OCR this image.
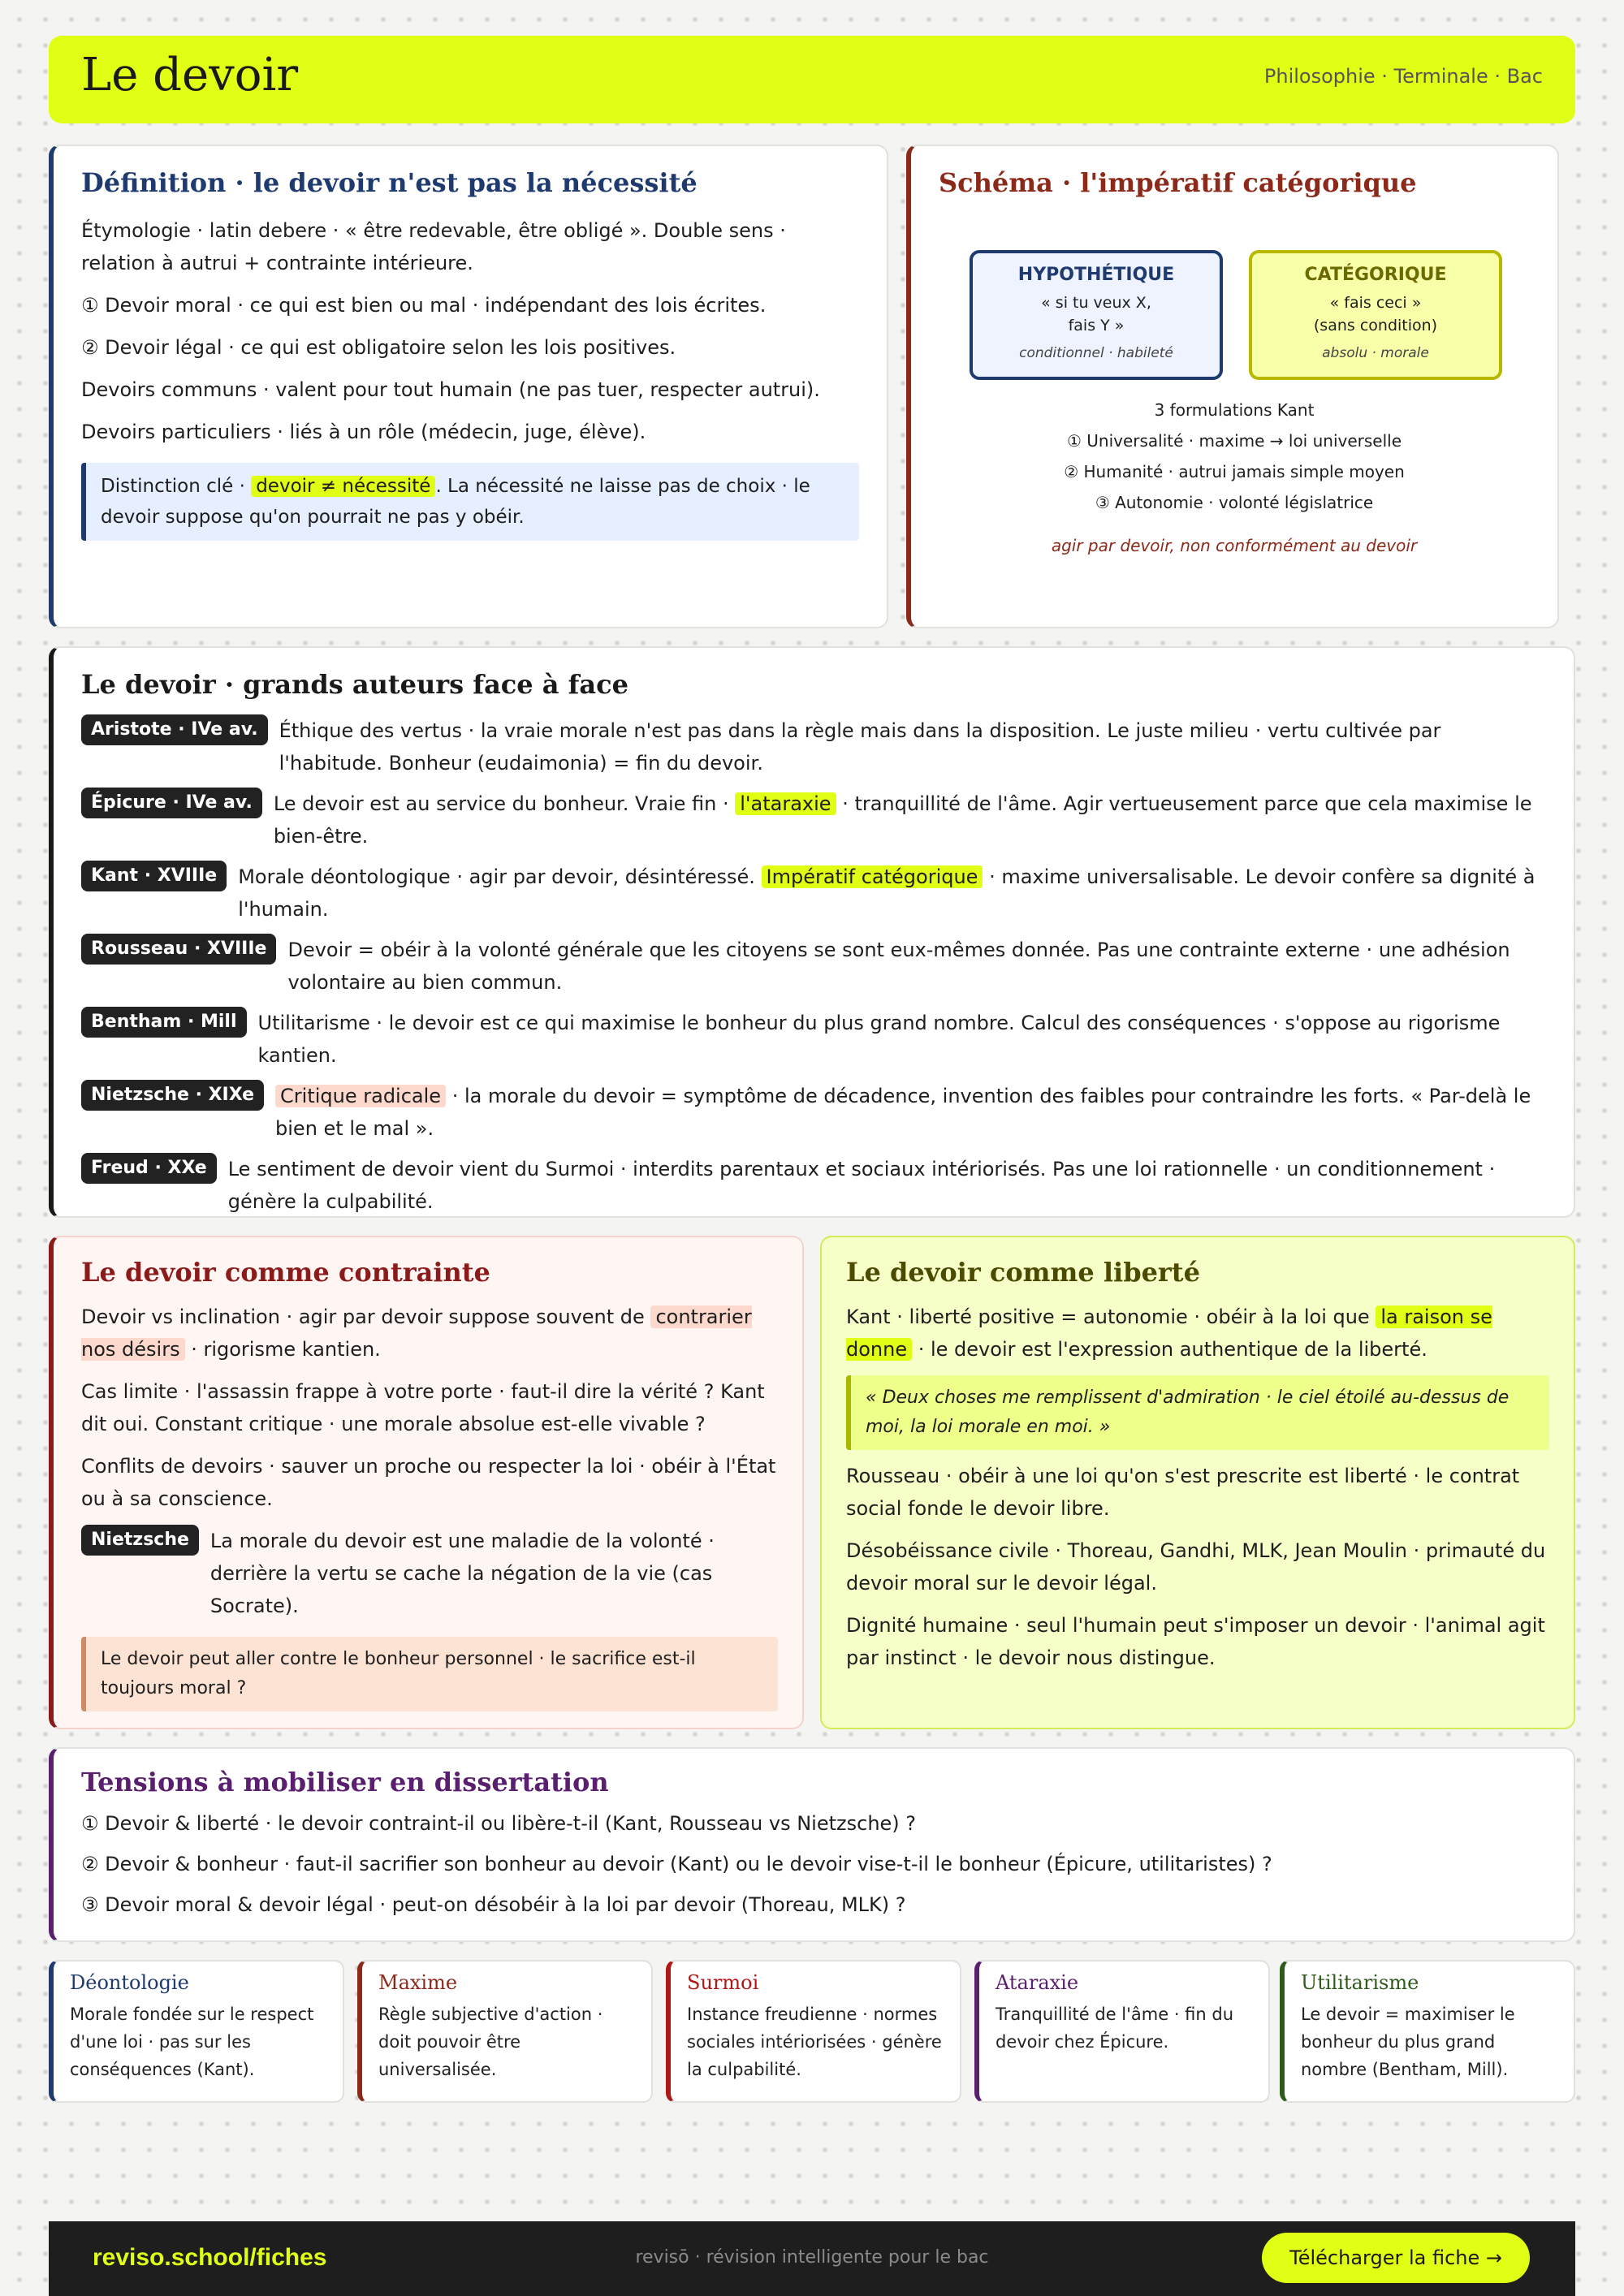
Le devoir	Philosophie · Terminale · Bac
Définition · le devoir n'est pas la nécessité

Étymologie · latin debere · « être redevable, être obligé ». Double sens · relation à autrui + contrainte intérieure.

① Devoir moral · ce qui est bien ou mal · indépendant des lois écrites.

② Devoir légal · ce qui est obligatoire selon les lois positives.

Devoirs communs · valent pour tout humain (ne pas tuer, respecter autrui).

Devoirs particuliers · liés à un rôle (médecin, juge, élève).

Distinction clé · devoir ≠ nécessité . La nécessité ne laisse pas de choix · le devoir suppose qu'on pourrait ne pas y obéir.
Schéma · l'impératif catégorique
HYPOTHÉTIQUE
« si tu veux X,
fais Y »
conditionnel · habileté
CATÉGORIQUE
« fais ceci »
(sans condition)
absolu · morale
3 formulations Kant
① Universalité · maxime → loi universelle
② Humanité · autrui jamais simple moyen
③ Autonomie · volonté législatrice
agir par devoir, non conformément au devoir
Le devoir · grands auteurs face à face
Aristote · IVe av.	Éthique des vertus · la vraie morale n'est pas dans la règle mais dans la disposition. Le juste milieu · vertu cultivée par l'habitude. Bonheur (eudaimonia) = fin du devoir.
Épicure · IVe av.	Le devoir est au service du bonheur. Vraie fin · l'ataraxie · tranquillité de l'âme. Agir vertueusement parce que cela maximise le bien-être.
Kant · XVIIIe	Morale déontologique · agir par devoir, désintéressé. Impératif catégorique · maxime universalisable. Le devoir confère sa dignité à l'humain.
Rousseau · XVIIIe	Devoir = obéir à la volonté générale que les citoyens se sont eux-mêmes donnée. Pas une contrainte externe · une adhésion volontaire au bien commun.
Bentham · Mill	Utilitarisme · le devoir est ce qui maximise le bonheur du plus grand nombre. Calcul des conséquences · s'oppose au rigorisme kantien.
Nietzsche · XIXe	Critique radicale · la morale du devoir = symptôme de décadence, invention des faibles pour contraindre les forts. « Par-delà le bien et le mal ».
Freud · XXe	Le sentiment de devoir vient du Surmoi · interdits parentaux et sociaux intériorisés. Pas une loi rationnelle · un conditionnement · génère la culpabilité.
Le devoir comme contrainte

Devoir vs inclination · agir par devoir suppose souvent de contrarier nos désirs · rigorisme kantien.

Cas limite · l'assassin frappe à votre porte · faut-il dire la vérité ? Kant dit oui. Constant critique · une morale absolue est-elle vivable ?

Conflits de devoirs · sauver un proche ou respecter la loi · obéir à l'État ou à sa conscience.

Nietzsche	La morale du devoir est une maladie de la volonté · derrière la vertu se cache la négation de la vie (cas Socrate).
Le devoir peut aller contre le bonheur personnel · le sacrifice est-il toujours moral ?
Le devoir comme liberté

Kant · liberté positive = autonomie · obéir à la loi que la raison se donne · le devoir est l'expression authentique de la liberté.

« Deux choses me remplissent d'admiration · le ciel étoilé au-dessus de moi, la loi morale en moi. »

Rousseau · obéir à une loi qu'on s'est prescrite est liberté · le contrat social fonde le devoir libre.

Désobéissance civile · Thoreau, Gandhi, MLK, Jean Moulin · primauté du devoir moral sur le devoir légal.

Dignité humaine · seul l'humain peut s'imposer un devoir · l'animal agit par instinct · le devoir nous distingue.

Tensions à mobiliser en dissertation

① Devoir & liberté · le devoir contraint-il ou libère-t-il (Kant, Rousseau vs Nietzsche) ?

② Devoir & bonheur · faut-il sacrifier son bonheur au devoir (Kant) ou le devoir vise-t-il le bonheur (Épicure, utilitaristes) ?

③ Devoir moral & devoir légal · peut-on désobéir à la loi par devoir (Thoreau, MLK) ?

Déontologie
Morale fondée sur le respect d'une loi · pas sur les conséquences (Kant).
Maxime
Règle subjective d'action · doit pouvoir être universalisée.
Surmoi
Instance freudienne · normes sociales intériorisées · génère la culpabilité.
Ataraxie
Tranquillité de l'âme · fin du devoir chez Épicure.
Utilitarisme
Le devoir = maximiser le bonheur du plus grand nombre (Bentham, Mill).
reviso.school/fiches	revisō · révision intelligente pour le bac	Télécharger la fiche →
